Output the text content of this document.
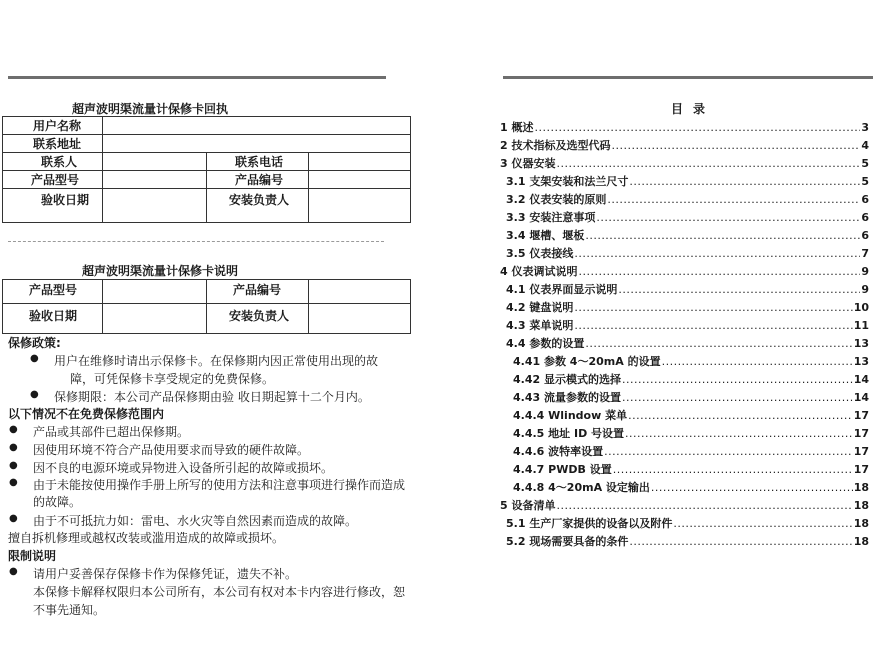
超声波明渠流量计保修卡回执
用户名称			
联系地址			
联系人		联系电话	
产品型号		产品编号	
验收日期		安装负责人	
超声波明渠流量计保修卡说明
产品型号		产品编号	
验收日期		安装负责人	
保修政策:
● 用户在维修时请出示保修卡。在保修期内因正常使用出现的故
障，可凭保修卡享受规定的免费保修。
● 保修期限：本公司产品保修期由验 收日期起算十二个月内。
以下情况不在免费保修范围内
● 产品或其部件已超出保修期。
● 因使用环境不符合产品使用要求而导致的硬件故障。
● 因不良的电源环境或异物进入设备所引起的故障或损坏。
● 由于未能按使用操作手册上所写的使用方法和注意事项进行操作而造成
的故障。
● 由于不可抵抗力如：雷电、水火灾等自然因素而造成的故障。
擅自拆机修理或越权改装或滥用造成的故障或损坏。
限制说明
● 请用户妥善保存保修卡作为保修凭证，遗失不补。
本保修卡解释权限归本公司所有，本公司有权对本卡内容进行修改，恕
不事先通知。
目录
1 概述 .....	3
2 技术指标及选型代码 .....	4
3 仪器安装 .....	5
3.1 支架安装和法兰尺寸 .....	5
3.2 仪表安装的原则 .....	6
3.3 安装注意事项 .....	6
3.4 堰槽、堰板 .....	6
3.5 仪表接线 .....	7
4 仪表调试说明 .....	9
4.1 仪表界面显示说明 .....	9
4.2 键盘说明 .....	10
4.3 菜单说明 .....	11
4.4 参数的设置 .....	13
4.41 参数 4～20mA 的设置 .....	13
4.42 显示模式的选择 .....	14
4.43 流量参数的设置 .....	14
4.4.4 Wlindow 菜单 .....	17
4.4.5 地址 ID 号设置 .....	17
4.4.6 波特率设置 .....	17
4.4.7 PWDB 设置 .....	17
4.4.8 4～20mA 设定输出 .....	18
5 设备清单 .....	18
5.1 生产厂家提供的设备以及附件 .....	18
5.2 现场需要具备的条件 .....	18
